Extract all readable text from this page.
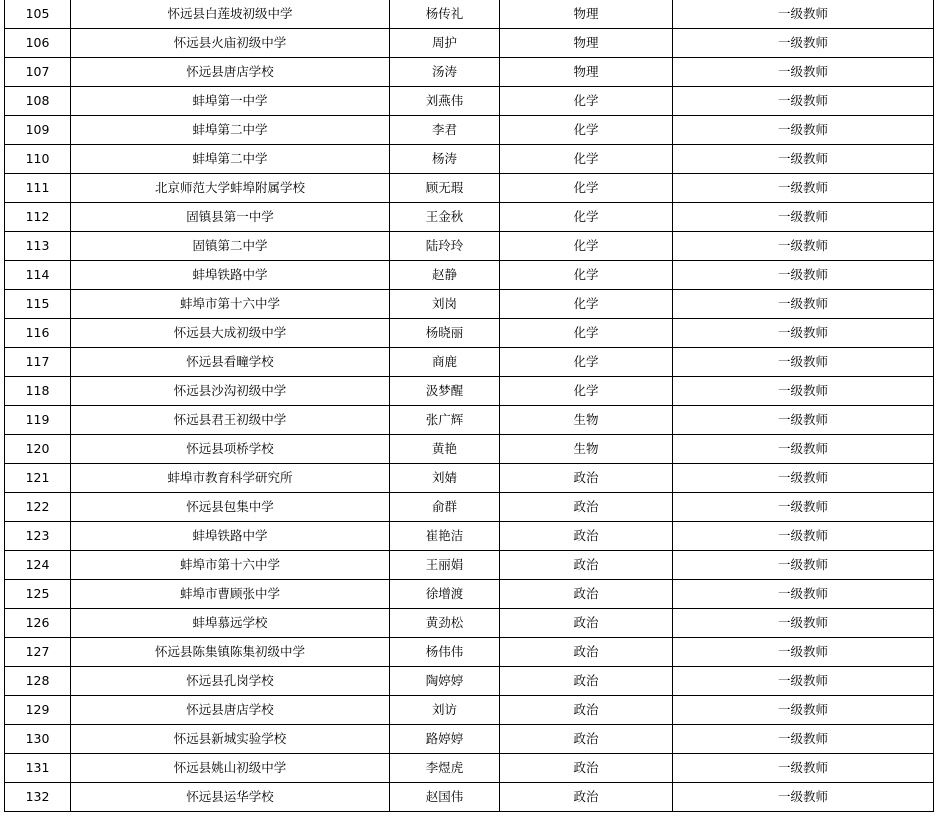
105	怀远县白莲坡初级中学	杨传礼	物理	一级教师
106	怀远县火庙初级中学	周护	物理	一级教师
107	怀远县唐店学校	汤涛	物理	一级教师
108	蚌埠第一中学	刘燕伟	化学	一级教师
109	蚌埠第二中学	李君	化学	一级教师
110	蚌埠第二中学	杨涛	化学	一级教师
111	北京师范大学蚌埠附属学校	顾无瑕	化学	一级教师
112	固镇县第一中学	王金秋	化学	一级教师
113	固镇第二中学	陆玲玲	化学	一级教师
114	蚌埠铁路中学	赵静	化学	一级教师
115	蚌埠市第十六中学	刘岗	化学	一级教师
116	怀远县大成初级中学	杨晓丽	化学	一级教师
117	怀远县看疃学校	商鹿	化学	一级教师
118	怀远县沙沟初级中学	汲梦醒	化学	一级教师
119	怀远县君王初级中学	张广辉	生物	一级教师
120	怀远县项桥学校	黄艳	生物	一级教师
121	蚌埠市教育科学研究所	刘婧	政治	一级教师
122	怀远县包集中学	俞群	政治	一级教师
123	蚌埠铁路中学	崔艳洁	政治	一级教师
124	蚌埠市第十六中学	王丽娟	政治	一级教师
125	蚌埠市曹顾张中学	徐增渡	政治	一级教师
126	蚌埠慕远学校	黄劲松	政治	一级教师
127	怀远县陈集镇陈集初级中学	杨伟伟	政治	一级教师
128	怀远县孔岗学校	陶婷婷	政治	一级教师
129	怀远县唐店学校	刘访	政治	一级教师
130	怀远县新城实验学校	路婷婷	政治	一级教师
131	怀远县姚山初级中学	李煜虎	政治	一级教师
132	怀远县运华学校	赵国伟	政治	一级教师
